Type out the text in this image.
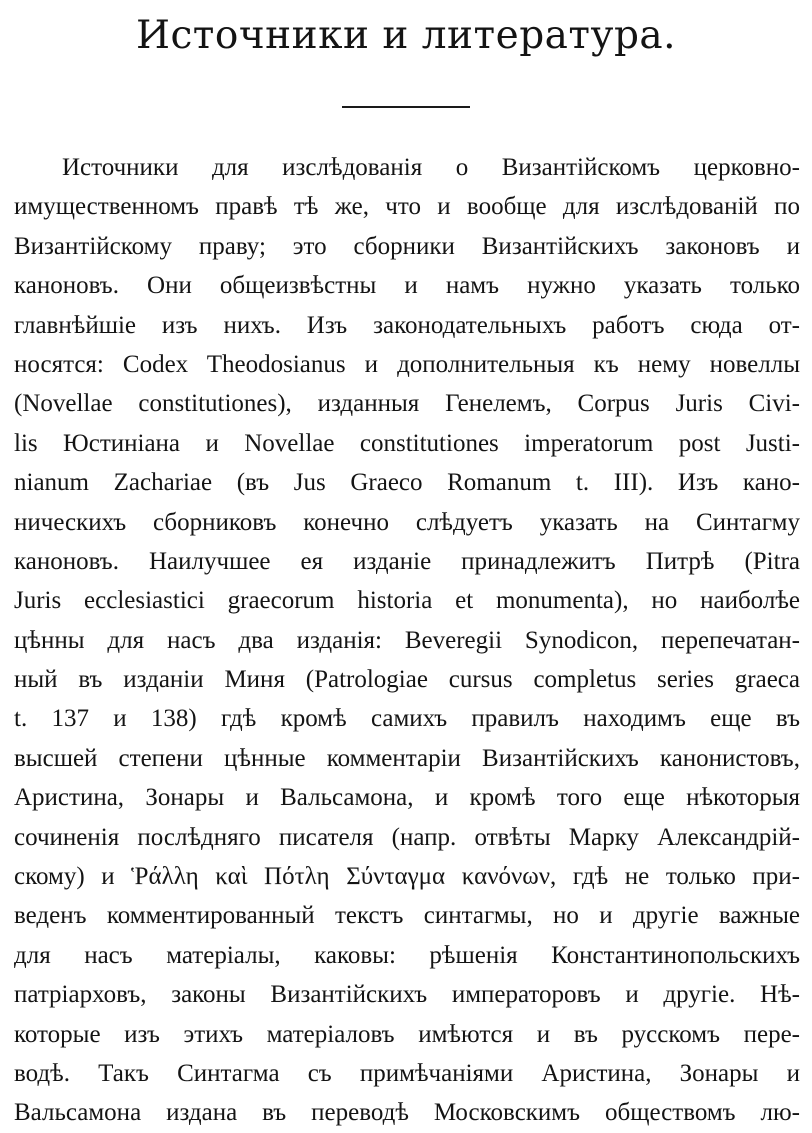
Источники и литература.
Источники для изслѣдованія о Византійскомъ церковно-
имущественномъ правѣ тѣ же, что и вообще для изслѣдованій по
Византійскому праву; это сборники Византійскихъ законовъ и
каноновъ. Они общеизвѣстны и намъ нужно указать только
главнѣйшіе изъ нихъ. Изъ законодательныхъ работъ сюда от-
носятся: Codex Theodosianus и дополнительныя къ нему новеллы
(Novellae constitutiones), изданныя Генелемъ, Corpus Juris Civi-
lis Юстиніана и Novellae constitutiones imperatorum post Justi-
nianum Zachariae (въ Jus Graeco Romanum t. III). Изъ кано-
ническихъ сборниковъ конечно слѣдуетъ указать на Синтагму
каноновъ. Наилучшее ея изданіе принадлежитъ Питрѣ (Pitra
Juris ecclesiastici graecorum historia et monumenta), но наиболѣе
цѣнны для насъ два изданія: Beveregii Synodicon, перепечатан-
ный въ изданіи Миня (Patrologiae cursus completus series graeca
t. 137 и 138) гдѣ кромѣ самихъ правилъ находимъ еще въ
высшей степени цѣнные комментаріи Византійскихъ канонистовъ,
Аристина, Зонары и Вальсамона, и кромѣ того еще нѣкоторыя
сочиненія послѣдняго писателя (напр. отвѣты Марку Александрій-
скому) и Ῥάλλη καὶ Πότλη Σύνταγμα κανόνων, гдѣ не только при-
веденъ комментированный текстъ синтагмы, но и другіе важные
для насъ матеріалы, каковы: рѣшенія Константинопольскихъ
патріарховъ, законы Византійскихъ императоровъ и другіе. Нѣ-
которые изъ этихъ матеріаловъ имѣются и въ русскомъ пере-
водѣ. Такъ Синтагма съ примѣчаніями Аристина, Зонары и
Вальсамона издана въ переводѣ Московскимъ обществомъ лю-
